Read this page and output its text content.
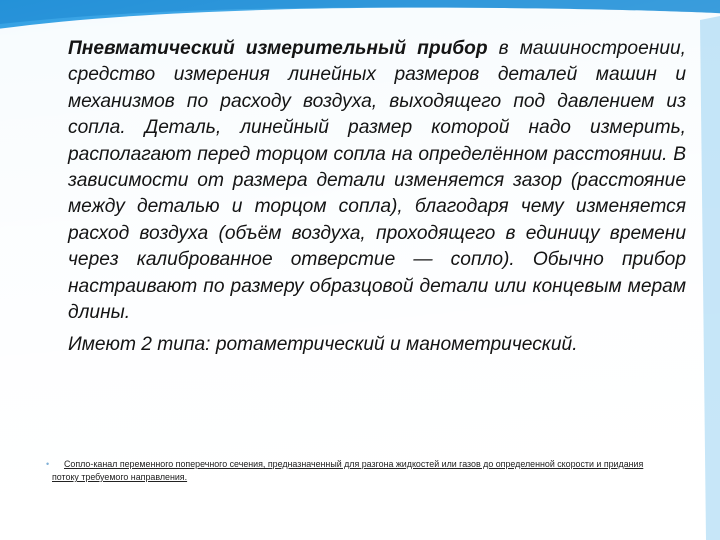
Пневматический измерительный прибор в машиностроении, средство измерения линейных размеров деталей машин и механизмов по расходу воздуха, выходящего под давлением из сопла. Деталь, линейный размер которой надо измерить, располагают перед торцом сопла на определённом расстоянии. В зависимости от размера детали изменяется зазор (расстояние между деталью и торцом сопла), благодаря чему изменяется расход воздуха (объём воздуха, проходящего в единицу времени через калиброванное отверстие — сопло). Обычно прибор настраивают по размеру образцовой детали или концевым мерам длины.
Имеют 2 типа: ротаметрический и манометрический.

• Сопло-канал переменного поперечного сечения, предназначенный для разгона жидкостей или газов до определенной скорости и придания потоку требуемого направления.
